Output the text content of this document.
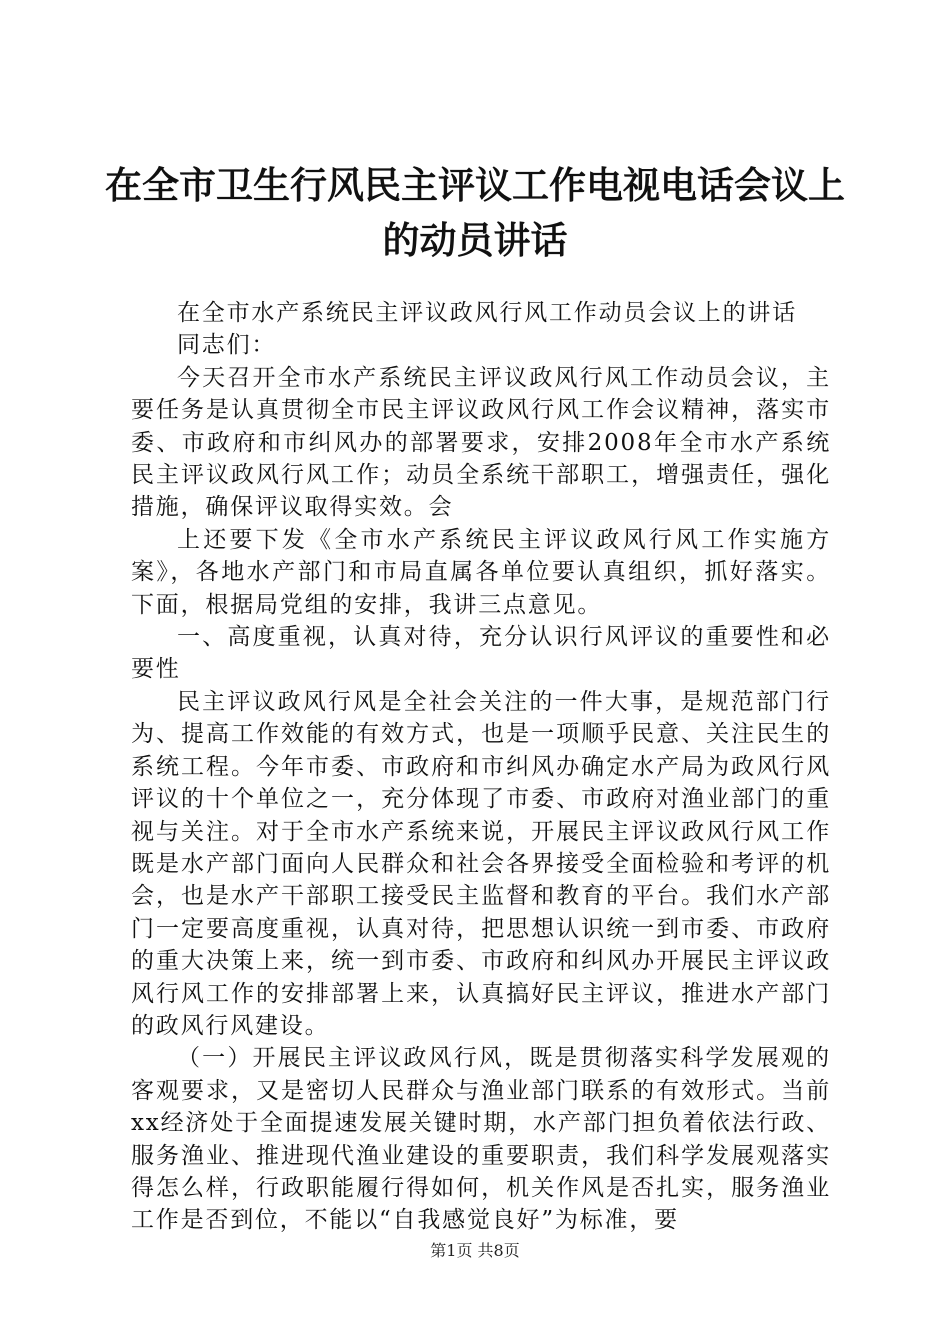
在全市卫生行风民主评议工作电视电话会议上
的动员讲话

在全市水产系统民主评议政风行风工作动员会议上的讲话

同志们：

今天召开全市水产系统民主评议政风行风工作动员会议，主要任务是认真贯彻全市民主评议政风行风工作会议精神，落实市委、市政府和市纠风办的部署要求，安排2008年全市水产系统民主评议政风行风工作；动员全系统干部职工，增强责任，强化措施，确保评议取得实效。会

上还要下发《全市水产系统民主评议政风行风工作实施方案》，各地水产部门和市局直属各单位要认真组织，抓好落实。下面，根据局党组的安排，我讲三点意见。

一、高度重视，认真对待，充分认识行风评议的重要性和必要性

民主评议政风行风是全社会关注的一件大事，是规范部门行为、提高工作效能的有效方式，也是一项顺乎民意、关注民生的系统工程。今年市委、市政府和市纠风办确定水产局为政风行风评议的十个单位之一，充分体现了市委、市政府对渔业部门的重视与关注。对于全市水产系统来说，开展民主评议政风行风工作既是水产部门面向人民群众和社会各界接受全面检验和考评的机会，也是水产干部职工接受民主监督和教育的平台。我们水产部门一定要高度重视，认真对待，把思想认识统一到市委、市政府的重大决策上来，统一到市委、市政府和纠风办开展民主评议政风行风工作的安排部署上来，认真搞好民主评议，推进水产部门的政风行风建设。

（一）开展民主评议政风行风，既是贯彻落实科学发展观的客观要求，又是密切人民群众与渔业部门联系的有效形式。当前xx经济处于全面提速发展关键时期，水产部门担负着依法行政、服务渔业、推进现代渔业建设的重要职责，我们科学发展观落实得怎么样，行政职能履行得如何，机关作风是否扎实，服务渔业工作是否到位，不能以“自我感觉良好”为标准，要

第1页 共8页
